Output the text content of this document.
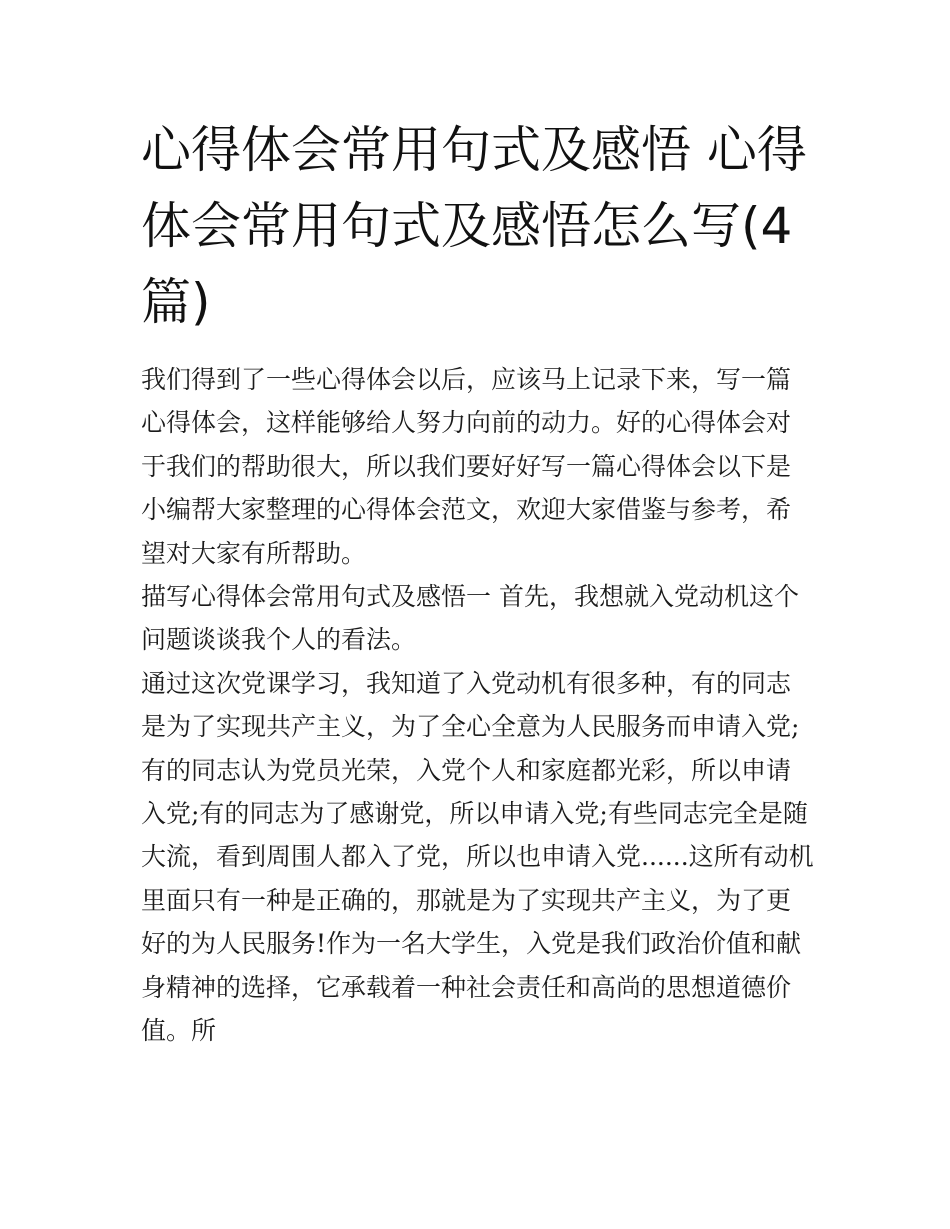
心得体会常用句式及感悟 心得体会常用句式及感悟怎么写(4篇)

我们得到了一些心得体会以后，应该马上记录下来，写一篇心得体会，这样能够给人努力向前的动力。好的心得体会对于我们的帮助很大，所以我们要好好写一篇心得体会以下是小编帮大家整理的心得体会范文，欢迎大家借鉴与参考，希望对大家有所帮助。

描写心得体会常用句式及感悟一 首先，我想就入党动机这个问题谈谈我个人的看法。

通过这次党课学习，我知道了入党动机有很多种，有的同志是为了实现共产主义，为了全心全意为人民服务而申请入党;有的同志认为党员光荣，入党个人和家庭都光彩，所以申请入党;有的同志为了感谢党，所以申请入党;有些同志完全是随大流，看到周围人都入了党，所以也申请入党......这所有动机里面只有一种是正确的，那就是为了实现共产主义，为了更好的为人民服务!作为一名大学生，入党是我们政治价值和献身精神的选择，它承载着一种社会责任和高尚的思想道德价值。所
